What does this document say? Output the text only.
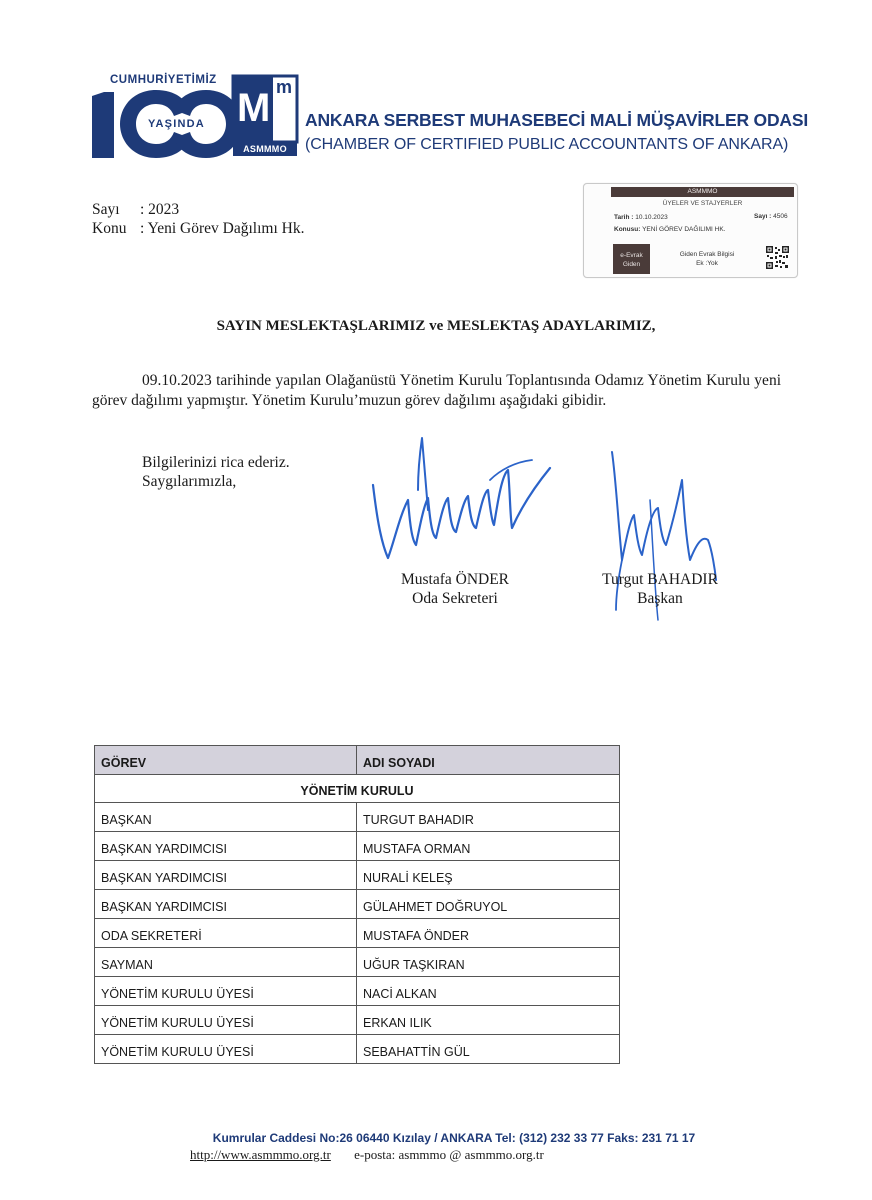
CUMHURİYETİMİZ
YAŞINDA M m
ASMMMO
ANKARA SERBEST MUHASEBECİ MALİ MÜŞAVİRLER ODASI
(CHAMBER OF CERTIFIED PUBLIC ACCOUNTANTS OF ANKARA)
Sayı : 2023
Konu : Yeni Görev Dağılımı Hk.
ASMMMO
ÜYELER VE STAJYERLER
Tarih : 10.10.2023	Sayı : 4506
Konusu: YENİ GÖREV DAĞILIMI HK.
e-Evrak
Giden
Giden Evrak Bilgisi
Ek :Yok
SAYIN MESLEKTAŞLARIMIZ ve MESLEKTAŞ ADAYLARIMIZ,
09.10.2023 tarihinde yapılan Olağanüstü Yönetim Kurulu Toplantısında Odamız Yönetim Kurulu yeni görev dağılımı yapmıştır. Yönetim Kurulu’muzun görev dağılımı aşağıdaki gibidir.
Bilgilerinizi rica ederiz.
Saygılarımızla,
Mustafa ÖNDER
Oda Sekreteri
Turgut BAHADIR
Başkan
GÖREV	ADI SOYADI
YÖNETİM KURULU	
BAŞKAN	TURGUT BAHADIR
BAŞKAN YARDIMCISI	MUSTAFA ORMAN
BAŞKAN YARDIMCISI	NURALİ KELEŞ
BAŞKAN YARDIMCISI	GÜLAHMET DOĞRUYOL
ODA SEKRETERİ	MUSTAFA ÖNDER
SAYMAN	UĞUR TAŞKIRAN
YÖNETİM KURULU ÜYESİ	NACİ ALKAN
YÖNETİM KURULU ÜYESİ	ERKAN ILIK
YÖNETİM KURULU ÜYESİ	SEBAHATTİN GÜL
Kumrular Caddesi No:26 06440 Kızılay / ANKARA Tel: (312) 232 33 77 Faks: 231 71 17
http://www.asmmmo.org.tr e-posta: asmmmo @ asmmmo.org.tr
